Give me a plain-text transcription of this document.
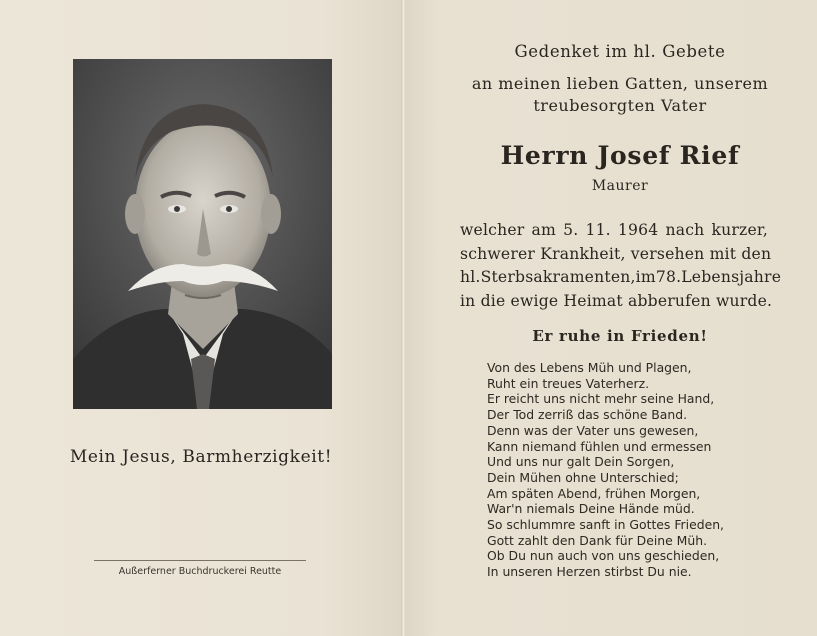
Mein Jesus, Barmherzigkeit!
Außerferner Buchdruckerei Reutte
Gedenket im hl. Gebete
an meinen lieben Gatten, unserem
treubesorgten Vater
Herrn Josef Rief
Maurer
welcher am 5. 11. 1964 nach kurzer,
schwerer Krankheit, versehen mit den
hl.Sterbsakramenten,im78.Lebensjahre
in die ewige Heimat abberufen wurde.
Er ruhe in Frieden!
Von des Lebens Müh und Plagen,
Ruht ein treues Vaterherz.
Er reicht uns nicht mehr seine Hand,
Der Tod zerriß das schöne Band.
Denn was der Vater uns gewesen,
Kann niemand fühlen und ermessen
Und uns nur galt Dein Sorgen,
Dein Mühen ohne Unterschied;
Am späten Abend, frühen Morgen,
War'n niemals Deine Hände müd.
So schlummre sanft in Gottes Frieden,
Gott zahlt den Dank für Deine Müh.
Ob Du nun auch von uns geschieden,
In unseren Herzen stirbst Du nie.
